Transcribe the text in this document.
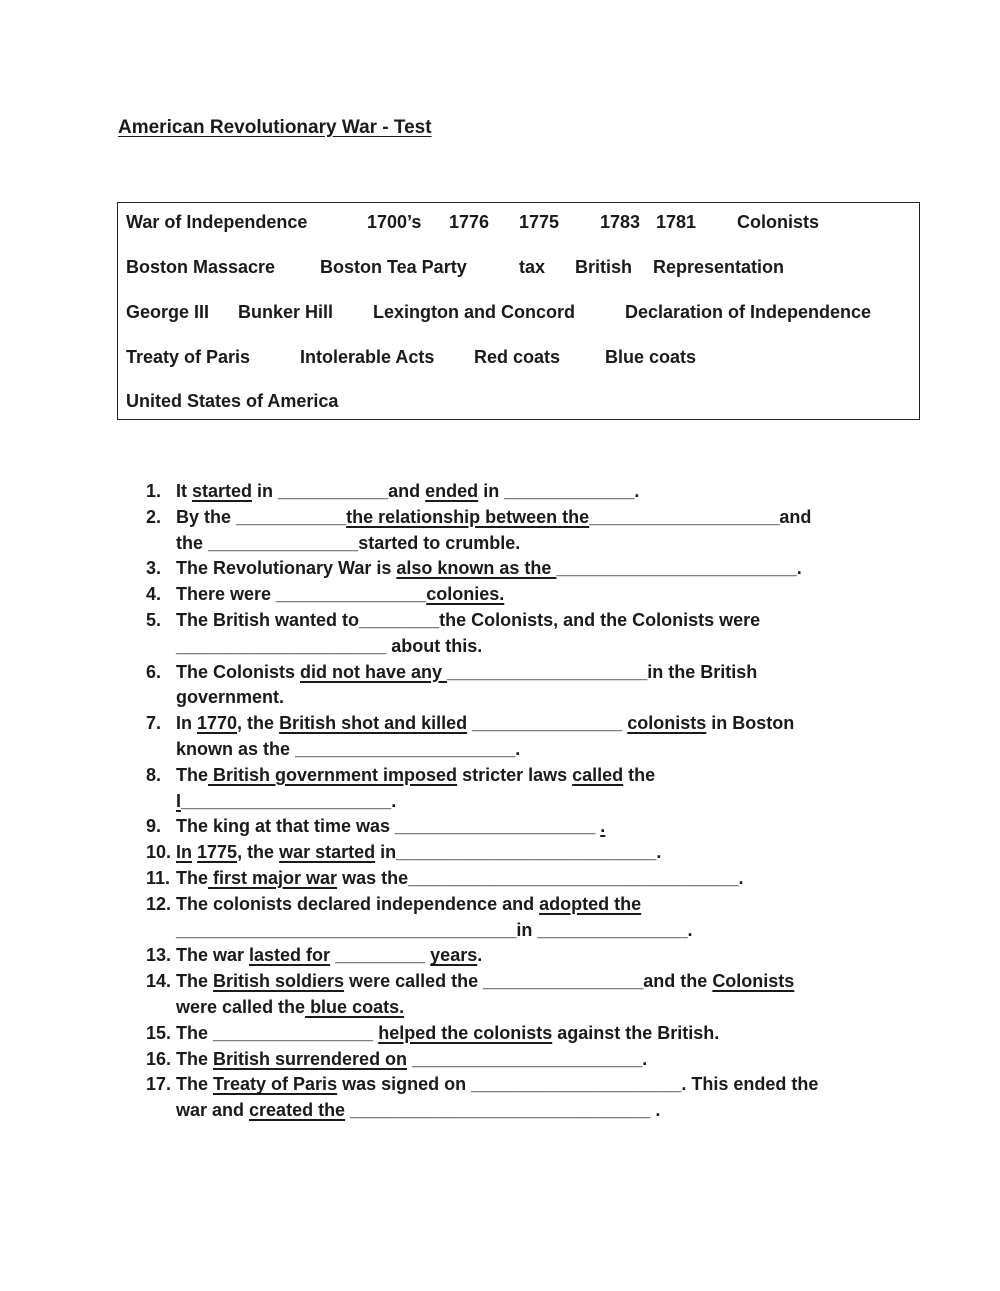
American Revolutionary War - Test
War of Independence	1700’s 1776 1775 1783 1781 Colonists
Boston Massacre Boston Tea Party	tax British Representation
George III Bunker Hill Lexington and Concord	Declaration of Independence
Treaty of Paris	Intolerable Acts Red coats Blue coats
United States of America
1. It started in ___________and ended in _____________.
2. By the ___________the relationship between the___________________and
the _______________started to crumble.
3. The Revolutionary War is also known as the ________________________.
4. There were _______________colonies.
5. The British wanted to________the Colonists, and the Colonists were
_____________________ about this.
6. The Colonists did not have any ____________________in the British
government.
7. In 1770, the British shot and killed _______________ colonists in Boston
known as the ______________________.
8. The British government imposed stricter laws called the
I_____________________.
9. The king at that time was ____________________ .
10. In 1775, the war started in__________________________.
11. The first major war was the_________________________________.
12. The colonists declared independence and adopted the
__________________________________in _______________.
13. The war lasted for _________ years.
14. The British soldiers were called the ________________and the Colonists
were called the blue coats.
15. The ________________ helped the colonists against the British.
16. The British surrendered on _______________________.
17. The Treaty of Paris was signed on _____________________. This ended the
war and created the ______________________________ .
